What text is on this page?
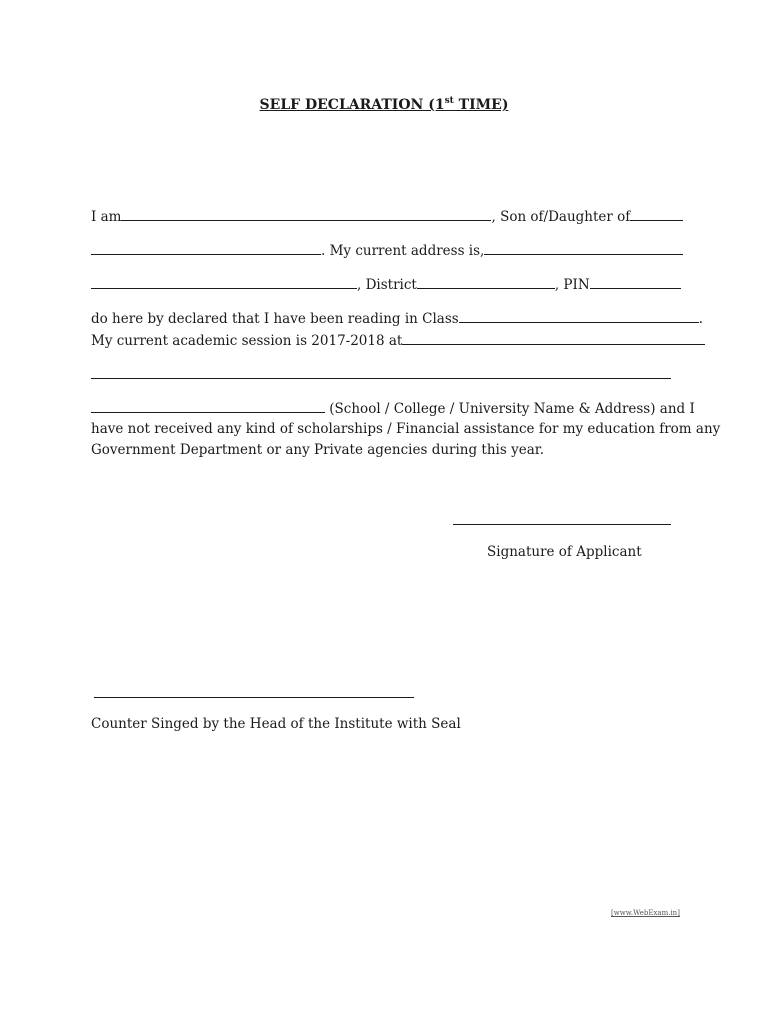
SELF DECLARATION (1st TIME)
I am	, Son of/Daughter of
. My current address is,
, District	, PIN
do here by declared that I have been reading in Class	.
My current academic session is 2017-2018 at
(School / College / University Name & Address) and I
have not received any kind of scholarships / Financial assistance for my education from any
Government Department or any Private agencies during this year.
Signature of Applicant
Counter Singed by the Head of the Institute with Seal
[www.WebExam.in]
